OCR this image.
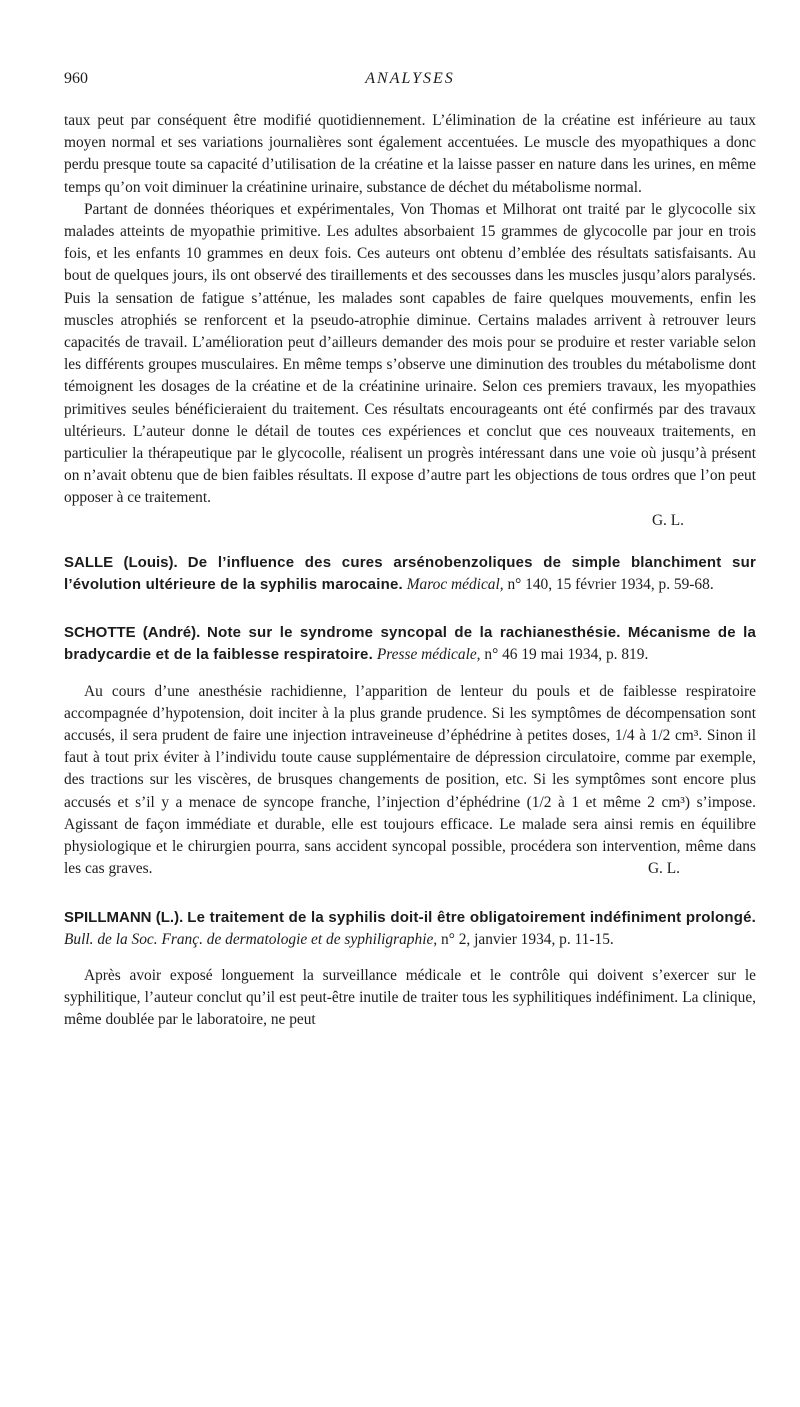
960	ANALYSES

taux peut par conséquent être modifié quotidiennement. L’élimination de la créatine est inférieure au taux moyen normal et ses variations journalières sont également accentuées. Le muscle des myopathiques a donc perdu presque toute sa capacité d’utilisation de la créatine et la laisse passer en nature dans les urines, en même temps qu’on voit diminuer la créatinine urinaire, substance de déchet du métabolisme normal.

Partant de données théoriques et expérimentales, Von Thomas et Milhorat ont traité par le glycocolle six malades atteints de myopathie primitive. Les adultes absorbaient 15 grammes de glycocolle par jour en trois fois, et les enfants 10 grammes en deux fois. Ces auteurs ont obtenu d’emblée des résultats satisfaisants. Au bout de quelques jours, ils ont observé des tiraillements et des secousses dans les muscles jusqu’alors paralysés. Puis la sensation de fatigue s’atténue, les malades sont capables de faire quelques mouvements, enfin les muscles atrophiés se renforcent et la pseudo-atrophie diminue. Certains malades arrivent à retrouver leurs capacités de travail. L’amélioration peut d’ailleurs demander des mois pour se produire et rester variable selon les différents groupes musculaires. En même temps s’observe une diminution des troubles du métabolisme dont témoignent les dosages de la créatine et de la créatinine urinaire. Selon ces premiers travaux, les myopathies primitives seules bénéficieraient du traitement. Ces résultats encourageants ont été confirmés par des travaux ultérieurs. L’auteur donne le détail de toutes ces expériences et conclut que ces nouveaux traitements, en particulier la thérapeutique par le glycocolle, réalisent un progrès intéressant dans une voie où jusqu’à présent on n’avait obtenu que de bien faibles résultats. Il expose d’autre part les objections de tous ordres que l’on peut opposer à ce traitement.

G. L.

SALLE (Louis). De l’influence des cures arsénobenzoliques de simple blanchiment sur l’évolution ultérieure de la syphilis marocaine. Maroc médical, n° 140, 15 février 1934, p. 59-68.

SCHOTTE (André). Note sur le syndrome syncopal de la rachianesthésie. Mécanisme de la bradycardie et de la faiblesse respiratoire. Presse médicale, n° 46 19 mai 1934, p. 819.

Au cours d’une anesthésie rachidienne, l’apparition de lenteur du pouls et de faiblesse respiratoire accompagnée d’hypotension, doit inciter à la plus grande prudence. Si les symptômes de décompensation sont accusés, il sera prudent de faire une injection intraveineuse d’éphédrine à petites doses, 1/4 à 1/2 cm³. Sinon il faut à tout prix éviter à l’individu toute cause supplémentaire de dépression circulatoire, comme par exemple, des tractions sur les viscères, de brusques changements de position, etc. Si les symptômes sont encore plus accusés et s’il y a menace de syncope franche, l’injection d’éphédrine (1/2 à 1 et même 2 cm³) s’impose. Agissant de façon immédiate et durable, elle est toujours efficace. Le malade sera ainsi remis en équilibre physiologique et le chirurgien pourra, sans accident syncopal possible, procédera son intervention, même dans les cas graves.	G. L.

SPILLMANN (L.). Le traitement de la syphilis doit-il être obligatoirement indéfiniment prolongé. Bull. de la Soc. Franç. de dermatologie et de syphiligraphie, n° 2, janvier 1934, p. 11-15.

Après avoir exposé longuement la surveillance médicale et le contrôle qui doivent s’exercer sur le syphilitique, l’auteur conclut qu’il est peut-être inutile de traiter tous les syphilitiques indéfiniment. La clinique, même doublée par le laboratoire, ne peut
